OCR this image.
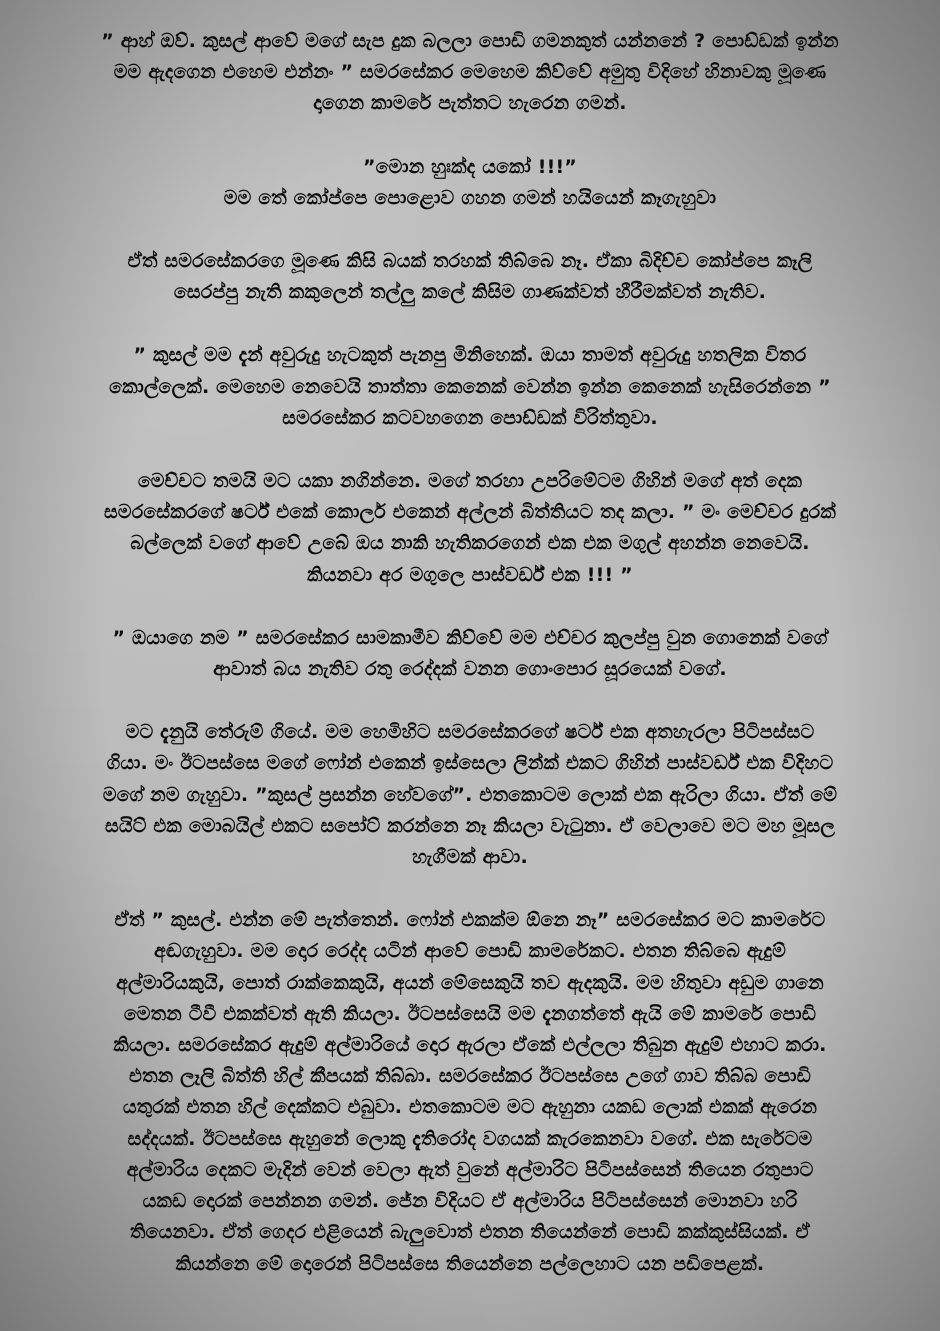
” ආහ් ඔව්. කුසල් ආවේ මගේ සැප දුක බලලා පොඩි ගමනකුත් යන්නනේ ? පොඩ්ඩක් ඉන්න
මම ඇදගෙන එහෙම එන්නං ” සමරසේකර මෙහෙම කිව්වේ අමුතු විදිහේ හිනාවකු මූණෙ
දාගෙන කාමරේ පැත්තට හැරෙන ගමන්.

”මොන හුඃක්ද යකෝ !!!”
මම තේ කෝප්පෙ පොළොව ගහන ගමන් හයියෙන් කෑගැහුවා

ඒත් සමරසේකරගෙ මූණෙ කිසි බයක් තරහක් තිබ්බෙ නෑ. ඒකා බිදිච්ච කෝප්පෙ කෑලි
සෙරප්පු නැති කකුලෙන් තල්ලු කලේ කිසිම ගාණක්වත් හීරීමක්වත් නැතිව.

” කුසල් මම දැන් අවුරුදු හැටකුත් පැනපු මිනිහෙක්. ඔයා තාමත් අවුරුදු හතලික විතර
කොල්ලෙක්. මෙහෙම නෙවෙයි තාත්තා කෙනෙක් වෙන්න ඉන්න කෙනෙක් හැසිරෙන්නෙ ”
සමරසේකර කටවහගෙන පොඩ්ඩක් විරිත්තුවා.

මෙච්චට තමයි මට යකා නගින්නෙ. මගේ තරහා උපරිමේටම ගිහින් මගේ අත් දෙක
සමරසේකරගේ ෂර්ට් එකේ කොලර් එකෙන් අල්ලන් බිත්තියට තද කලා. ” මං මෙච්චර දුරක්
බල්ලෙක් වගේ ආවේ උබේ ඔය නාකි හැතිකරගෙන් එක එක මගුල් අහන්න නෙවෙයි.
කියනවා අර මගුලෙ පාස්වර්ඩ් එක !!! ”

” ඔයාගෙ නම ” සමරසේකර සාමකාමීව කිව්වේ මම එච්චර කුලප්පු වුන ගොනෙක් වගේ
ආවාත් බය නැතිව රතු රෙද්දක් වනන ගොංපොර සූරයෙක් වගේ.

මට දැනුයි තේරුම් ගියේ. මම හෙමිහිට සමරසේකරගේ ෂර්ට් එක අතහැරලා පිටිපස්සට
ගියා. මං ඊටපස්සෙ මගේ ෆෝන් එකෙන් ඉස්සෙලා ලින්ක් එකට ගිහින් පාස්වර්ඩ් එක විදිහට
මගේ නම ගැහුවා. ”කුසල් ප්‍රසන්න හේවගේ”. එතකොටම ලොක් එක ඇරිලා ගියා. ඒත් මේ
සයිට් එක මොබයිල් එකට සපෝට් කරන්නෙ නෑ කියලා වැටුනා. ඒ වෙලාවෙ මට මහ මූසල
හැගීමක් ආවා.

ඒත් ” කුසල්. එන්න මේ පැත්තෙන්. ෆෝන් එකක්ම ඕනෙ නෑ” සමරසේකර මට කාමරේට
අඬගැහුවා. මම දොර රෙද්ද යටින් ආවේ පොඩි කාමරේකට. එතන තිබ්බෙ ඇදුම්
අල්මාරියකුයි, පොත් රාක්කෙකුයි, අයන් මේසෙකුයි තව ඇදකුයි. මම හිතුවා අඩුම ගානෙ
මෙතන ටීවී එකක්වත් ඇති කියලා. ඊටපස්සෙයි මම දැනගත්තේ ඇයි මේ කාමරේ පොඩි
කියලා. සමරසේකර ඇදුම් අල්මාරියේ දොර ඇරලා ඒකේ එල්ලලා තිබුන ඇදුම් එහාට කරා.
එතන ලෑලි බිත්ති හිල් කීපයක් තිබ්බා. සමරසේකර ඊටපස්සෙ උගේ ගාව තිබ්බ පොඩි
යතුරක් එතන හිල් දෙක්කට එබුවා. එතකොටම මට ඇහුනා යකඩ ලොක් එකක් ඇරෙන
සද්දයක්. ඊටපස්සෙ ඇහුනේ ලොකු දැතිරෝද වගයක් කැරකෙනවා වගේ. එක සැරේටම
අල්මාරිය දෙකට මැදින් වෙන් වෙලා ඇත් වුනේ අල්මාරිට පිටිපස්සෙන් තියෙන රතුපාට
යකඩ දොරක් පෙන්නන ගමන්. ජේන විදියට ඒ අල්මාරිය පිටිපස්සෙන් මොනවා හරි
තියෙනවා. ඒත් ගෙදර එළියෙන් බැලුවොත් එතන තියෙන්නේ පොඩි කක්කුස්සියක්. ඒ
කියන්නෙ මේ දොරෙන් පිටිපස්සෙ තියෙන්නෙ පල්ලෙහාට යන පඩිපෙළක්.
